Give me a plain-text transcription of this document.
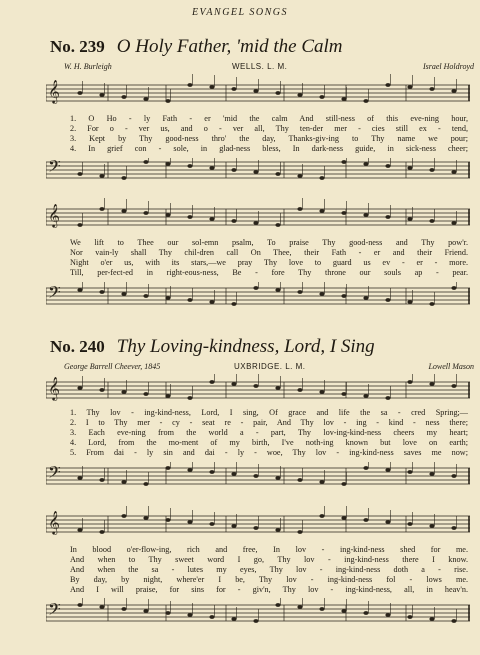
EVANGEL SONGS
No. 239 O Holy Father, 'mid the Calm
W. H. Burleigh	WELLS. L. M.	Israel Holdroyd
𝄞
1. O Ho - ly Fath - er 'mid the calm And still-ness of this eve-ning hour,
2. For o - ver us, and o - ver all, Thy ten-der mer - cies still ex - tend,
3. Kept by Thy good-ness thro' the day, Thanks-giv-ing to Thy name we pour;
4. In grief con - sole, in glad-ness bless, In dark-ness guide, in sick-ness cheer;
𝄢
𝄞
We lift to Thee our sol-emn psalm, To praise Thy good-ness and Thy pow'r.
Nor vain-ly shall Thy chil-dren call On Thee, their Fath - er and their Friend.
Night o'er us, with its stars,—we pray Thy love to guard us ev - er - more.
Till, per-fect-ed in right-eous-ness, Be - fore Thy throne our souls ap - pear.
𝄢
No. 240 Thy Loving-kindness, Lord, I Sing
George Barrell Cheever, 1845	UXBRIDGE. L. M.	Lowell Mason
𝄞
1. Thy lov - ing-kind-ness, Lord, I sing, Of grace and life the sa - cred Spring;—
2. I to Thy mer - cy - seat re - pair, And Thy lov - ing - kind - ness there;
3. Each eve-ning from the world a - part, Thy lov-ing-kind-ness cheers my heart;
4. Lord, from the mo-ment of my birth, I've noth-ing known but love on earth;
5. From dai - ly sin and dai - ly - woe, Thy lov - ing-kind-ness saves me now;
𝄢
𝄞
In blood o'er-flow-ing, rich and free, In lov - ing-kind-ness shed for me.
And when to Thy sweet word I go, Thy lov - ing-kind-ness there I know.
And when the sa - lutes my eyes, Thy lov - ing-kind-ness doth a - rise.
By day, by night, where'er I be, Thy lov - ing-kind-ness fol - lows me.
And I will praise, for sins for - giv'n, Thy lov - ing-kind-ness, all, in heav'n.
𝄢
